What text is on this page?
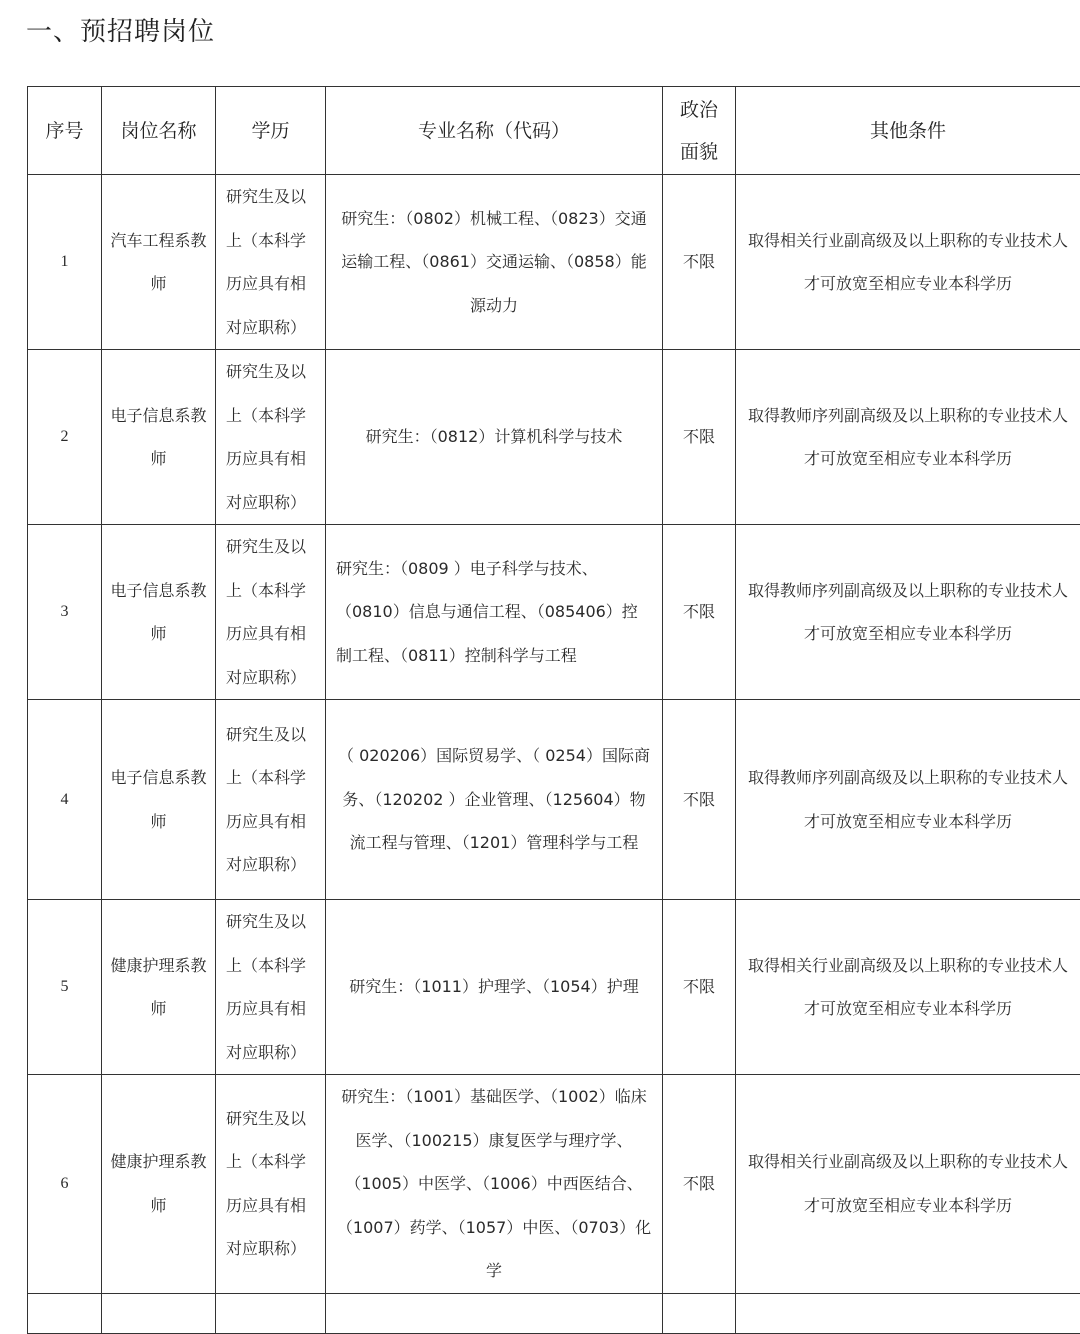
一、预招聘岗位
序号	岗位名称	学历	专业名称（代码）	政治面貌	其他条件
1	汽车工程系教师	研究生及以上（本科学历应具有相对应职称）	研究生：（0802）机械工程、（0823）交通运输工程、（0861）交通运输、（0858）能源动力	不限	取得相关行业副高级及以上职称的专业技术人才可放宽至相应专业本科学历
2	电子信息系教师	研究生及以上（本科学历应具有相对应职称）	研究生：（0812）计算机科学与技术	不限	取得教师序列副高级及以上职称的专业技术人才可放宽至相应专业本科学历
3	电子信息系教师	研究生及以上（本科学历应具有相对应职称）	研究生：（0809 ）电子科学与技术、（0810）信息与通信工程、（085406）控制工程、（0811）控制科学与工程	不限	取得教师序列副高级及以上职称的专业技术人才可放宽至相应专业本科学历
4	电子信息系教师	研究生及以上（本科学历应具有相对应职称）	（ 020206）国际贸易学、（ 0254）国际商务、（120202 ）企业管理、（125604）物流工程与管理、（1201）管理科学与工程	不限	取得教师序列副高级及以上职称的专业技术人才可放宽至相应专业本科学历
5	健康护理系教师	研究生及以上（本科学历应具有相对应职称）	研究生：（1011）护理学、（1054）护理	不限	取得相关行业副高级及以上职称的专业技术人才可放宽至相应专业本科学历
6	健康护理系教师	研究生及以上（本科学历应具有相对应职称）	研究生：（1001）基础医学、（1002）临床医学、（100215）康复医学与理疗学、（1005）中医学、（1006）中西医结合、（1007）药学、（1057）中医、（0703）化学	不限	取得相关行业副高级及以上职称的专业技术人才可放宽至相应专业本科学历
